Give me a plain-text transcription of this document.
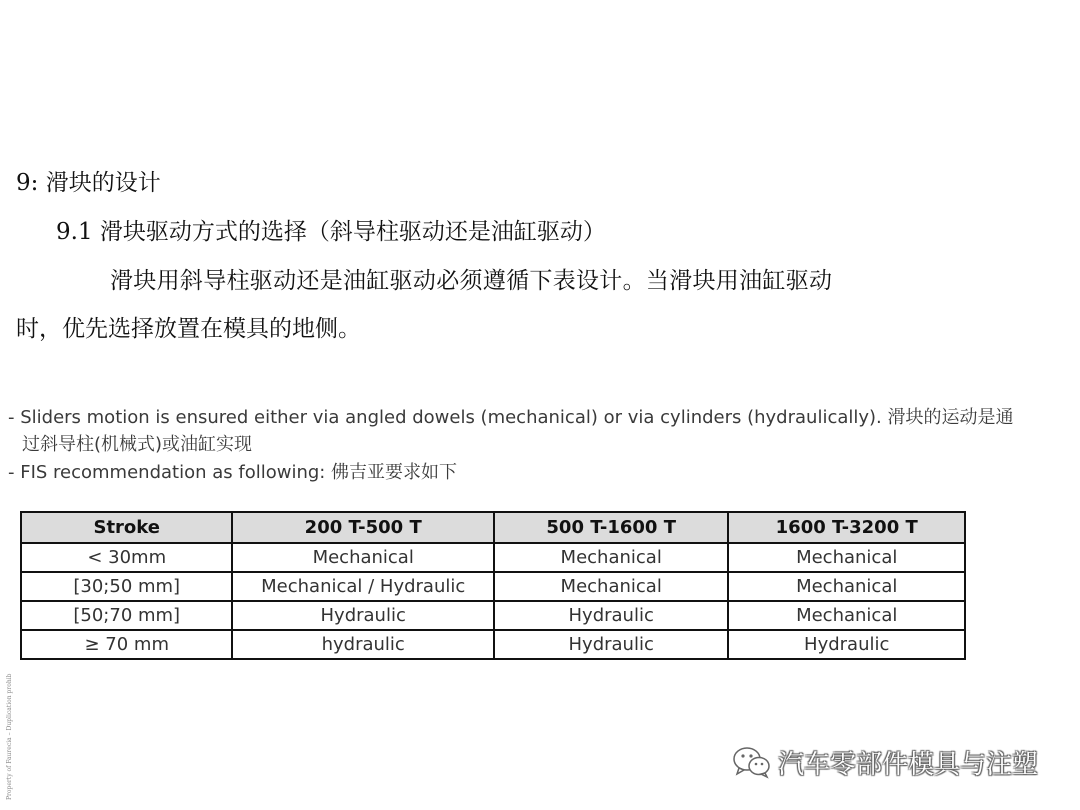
9: 滑块的设计
9.1 滑块驱动方式的选择（斜导柱驱动还是油缸驱动）
滑块用斜导柱驱动还是油缸驱动必须遵循下表设计。当滑块用油缸驱动
时，优先选择放置在模具的地侧。
- Sliders motion is ensured either via angled dowels (mechanical) or via cylinders (hydraulically). 滑块的运动是通
过斜导柱(机械式)或油缸实现
- FIS recommendation as following: 佛吉亚要求如下
Stroke	200 T-500 T	500 T-1600 T	1600 T-3200 T
< 30mm	Mechanical	Mechanical	Mechanical
[30;50 mm]	Mechanical / Hydraulic	Mechanical	Mechanical
[50;70 mm]	Hydraulic	Hydraulic	Mechanical
≥ 70 mm	hydraulic	Hydraulic	Hydraulic
Property of Faurecia – Duplication prohib	汽车零部件模具与注塑
